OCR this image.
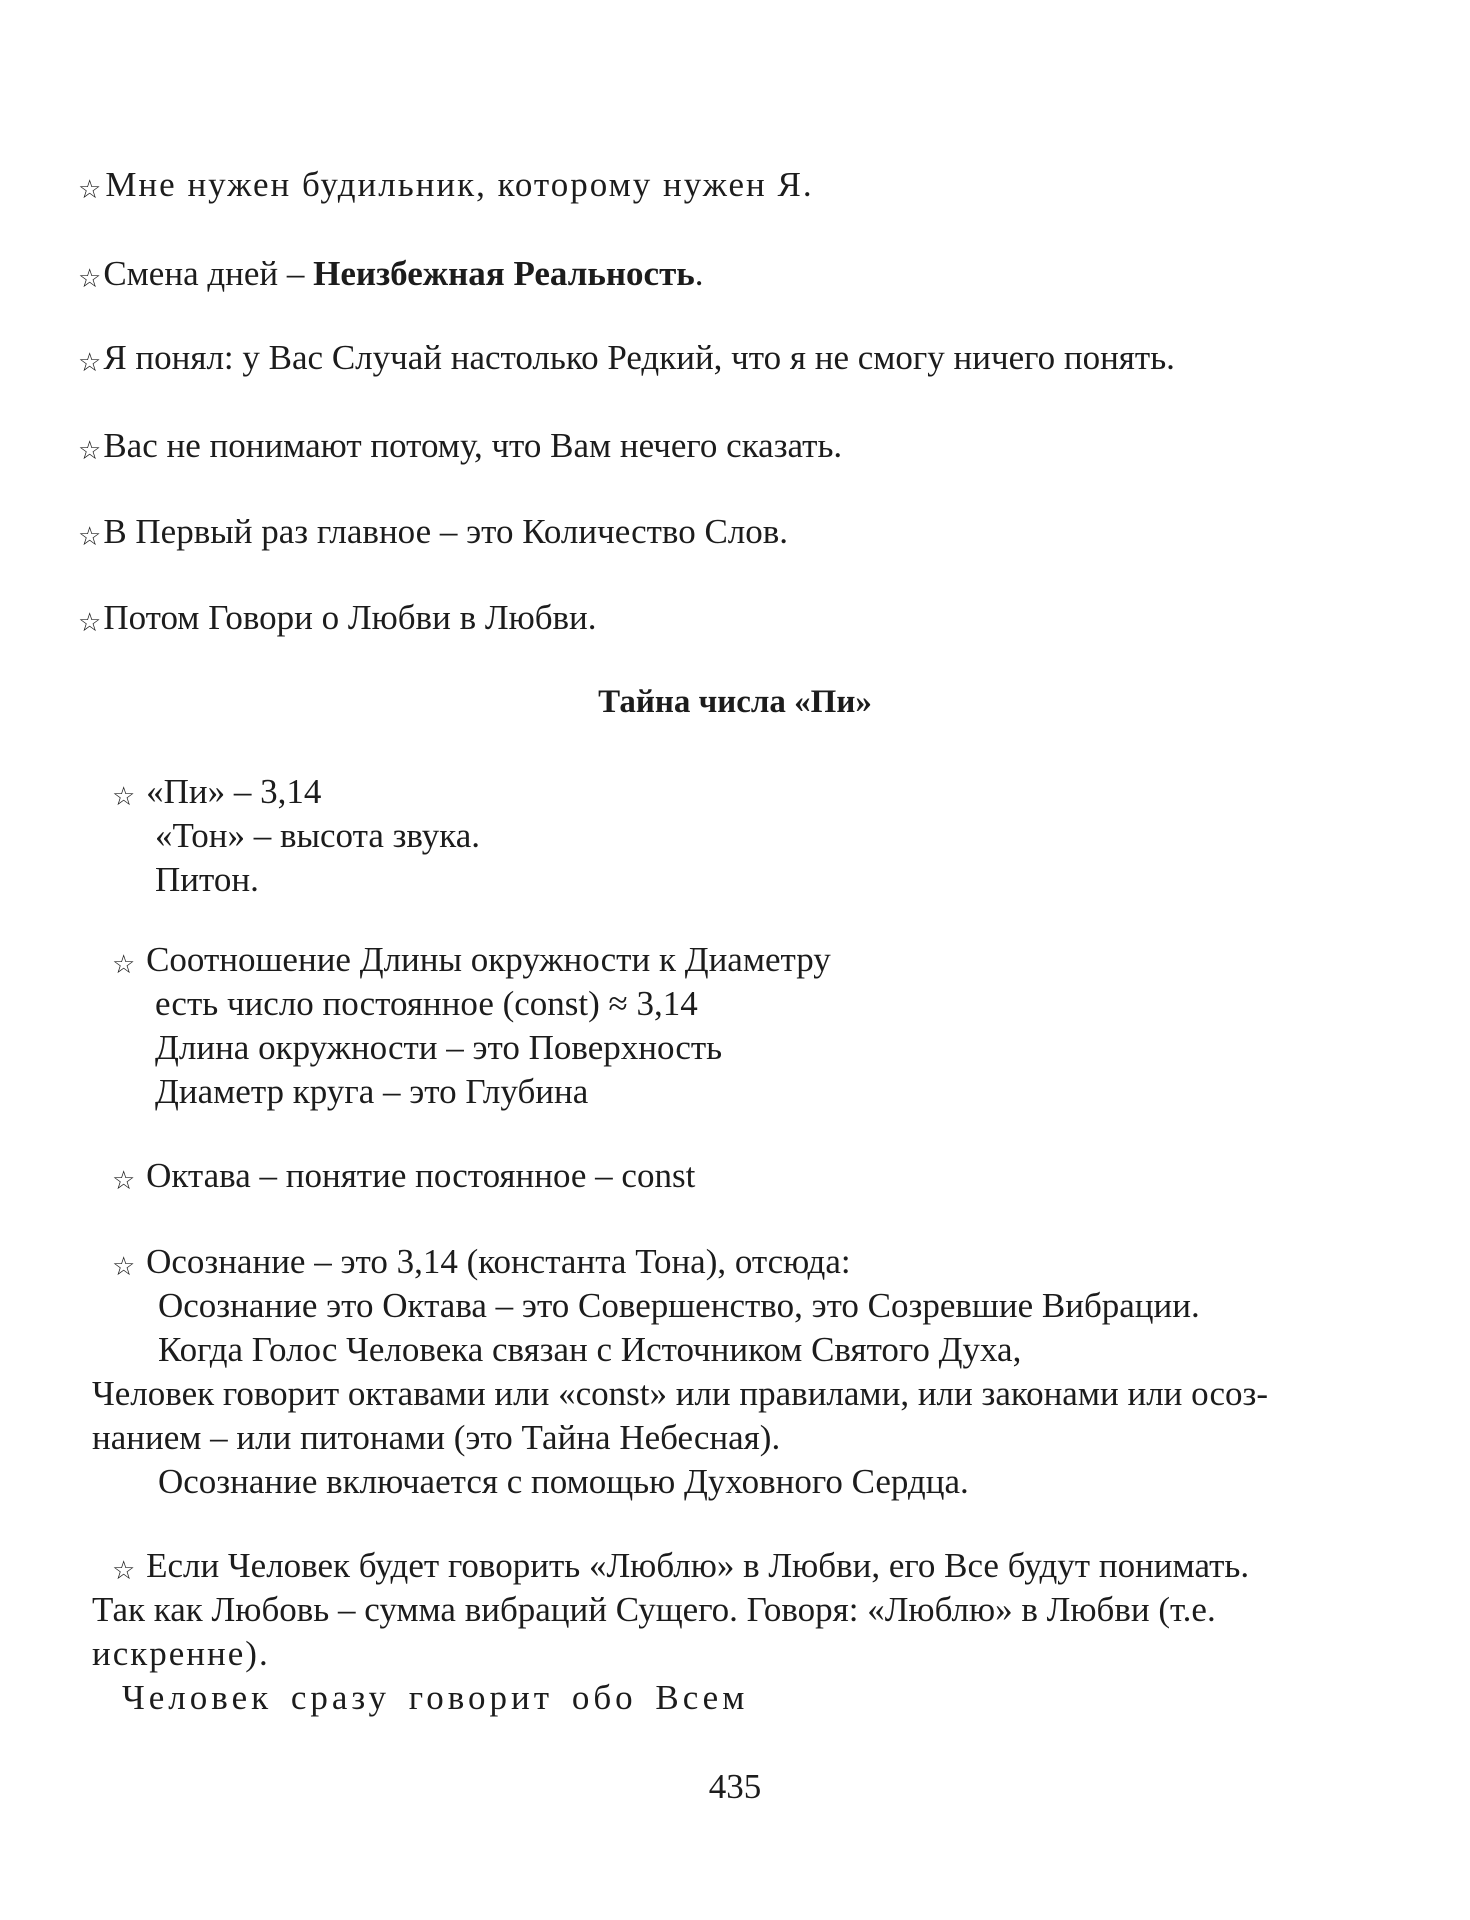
☆Мне нужен будильник, которому нужен Я.
☆Смена дней – Неизбежная Реальность.
☆Я понял: у Вас Случай настолько Редкий, что я не смогу ничего понять.
☆Вас не понимают потому, что Вам нечего сказать.
☆В Первый раз главное – это Количество Слов.
☆Потом Говори о Любви в Любви.
Тайна числа «Пи»
☆ «Пи» – 3,14
«Тон» – высота звука.
Питон.
☆ Соотношение Длины окружности к Диаметру
есть число постоянное (const) ≈ 3,14
Длина окружности – это Поверхность
Диаметр круга – это Глубина
☆ Октава – понятие постоянное – const
☆ Осознание – это 3,14 (константа Тона), отсюда:
Осознание это Октава – это Совершенство, это Созревшие Вибрации.
Когда Голос Человека связан с Источником Святого Духа,
Человек говорит октавами или «const» или правилами, или законами или осоз-
нанием – или питонами (это Тайна Небесная).
Осознание включается с помощью Духовного Сердца.
☆ Если Человек будет говорить «Люблю» в Любви, его Все будут понимать.
Так как Любовь – сумма вибраций Сущего. Говоря: «Люблю» в Любви (т.е.
искренне).
Человек сразу говорит обо Всем
435
